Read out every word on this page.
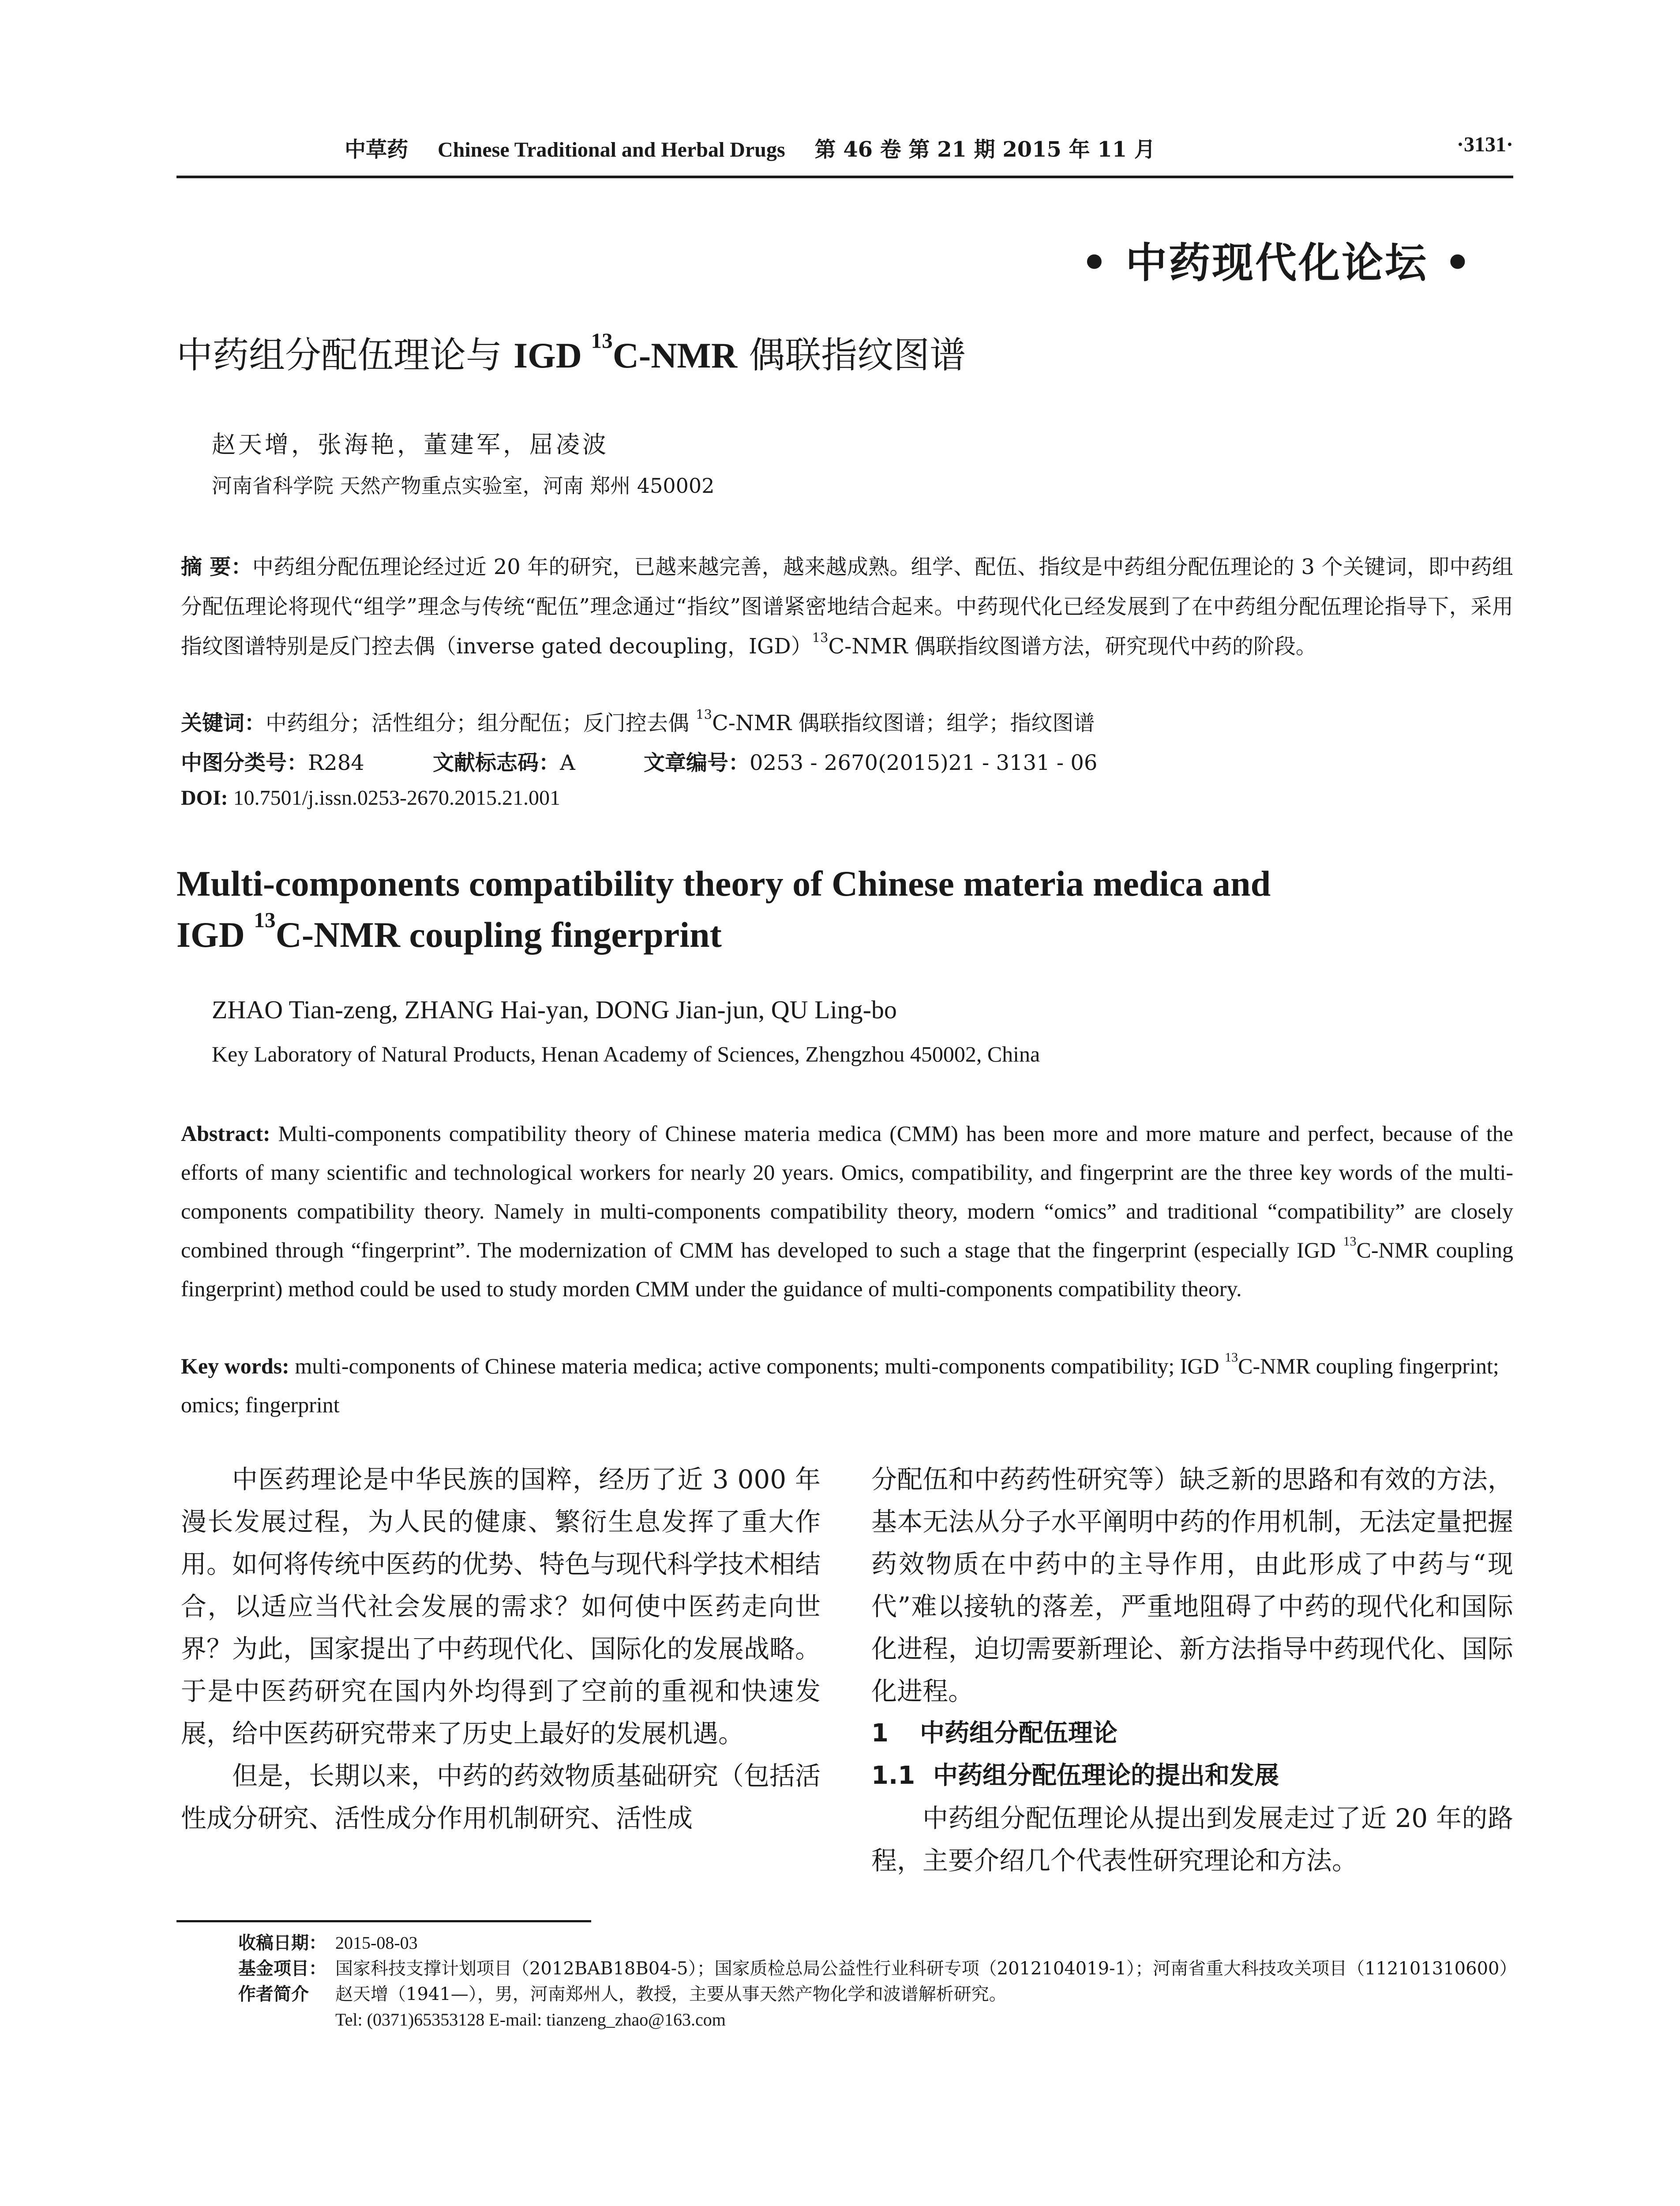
中草药 Chinese Traditional and Herbal Drugs 第 46 卷 第 21 期 2015 年 11 月	·3131·
• 中药现代化论坛 •
中药组分配伍理论与 IGD $^{13}$C-NMR 偶联指纹图谱
赵天增，张海艳，董建军，屈凌波
河南省科学院 天然产物重点实验室，河南 郑州 450002
摘 要：中药组分配伍理论经过近 20 年的研究，已越来越完善，越来越成熟。组学、配伍、指纹是中药组分配伍理论的 3 个关键词，即中药组分配伍理论将现代“组学”理念与传统“配伍”理念通过“指纹”图谱紧密地结合起来。中药现代化已经发展到了在中药组分配伍理论指导下，采用指纹图谱特别是反门控去偶（inverse gated decoupling，IGD）$^{13}$C-NMR 偶联指纹图谱方法，研究现代中药的阶段。
关键词：中药组分；活性组分；组分配伍；反门控去偶 $^{13}$C-NMR 偶联指纹图谱；组学；指纹图谱
中图分类号：R284	文献标志码：A	文章编号：0253 - 2670(2015)21 - 3131 - 06
DOI: 10.7501/j.issn.0253-2670.2015.21.001
Multi-components compatibility theory of Chinese materia medica and
IGD $^{13}$C-NMR coupling fingerprint
ZHAO Tian-zeng, ZHANG Hai-yan, DONG Jian-jun, QU Ling-bo
Key Laboratory of Natural Products, Henan Academy of Sciences, Zhengzhou 450002, China
Abstract: Multi-components compatibility theory of Chinese materia medica (CMM) has been more and more mature and perfect, because of the efforts of many scientific and technological workers for nearly 20 years. Omics, compatibility, and fingerprint are the three key words of the multi-components compatibility theory. Namely in multi-components compatibility theory, modern “omics” and traditional “compatibility” are closely combined through “fingerprint”. The modernization of CMM has developed to such a stage that the fingerprint (especially IGD $^{13}$C-NMR coupling fingerprint) method could be used to study morden CMM under the guidance of multi-components compatibility theory.
Key words: multi-components of Chinese materia medica; active components; multi-components compatibility; IGD $^{13}$C-NMR coupling fingerprint; omics; fingerprint

中医药理论是中华民族的国粹，经历了近 3 000 年漫长发展过程，为人民的健康、繁衍生息发挥了重大作用。如何将传统中医药的优势、特色与现代科学技术相结合，以适应当代社会发展的需求？如何使中医药走向世界？为此，国家提出了中药现代化、国际化的发展战略。于是中医药研究在国内外均得到了空前的重视和快速发展，给中医药研究带来了历史上最好的发展机遇。

但是，长期以来，中药的药效物质基础研究（包括活性成分研究、活性成分作用机制研究、活性成

分配伍和中药药性研究等）缺乏新的思路和有效的方法，基本无法从分子水平阐明中药的作用机制，无法定量把握药效物质在中药中的主导作用，由此形成了中药与“现代”难以接轨的落差，严重地阻碍了中药的现代化和国际化进程，迫切需要新理论、新方法指导中药现代化、国际化进程。

1 中药组分配伍理论

1.1 中药组分配伍理论的提出和发展

中药组分配伍理论从提出到发展走过了近 20 年的路程，主要介绍几个代表性研究理论和方法。

收稿日期： 2015-08-03
基金项目： 国家科技支撑计划项目（2012BAB18B04-5）；国家质检总局公益性行业科研专项（2012104019-1）；河南省重大科技攻关项目（112101310600）
作者简介	赵天增（1941—），男，河南郑州人，教授，主要从事天然产物化学和波谱解析研究。
Tel: (0371)65353128 E-mail: tianzeng_zhao@163.com
